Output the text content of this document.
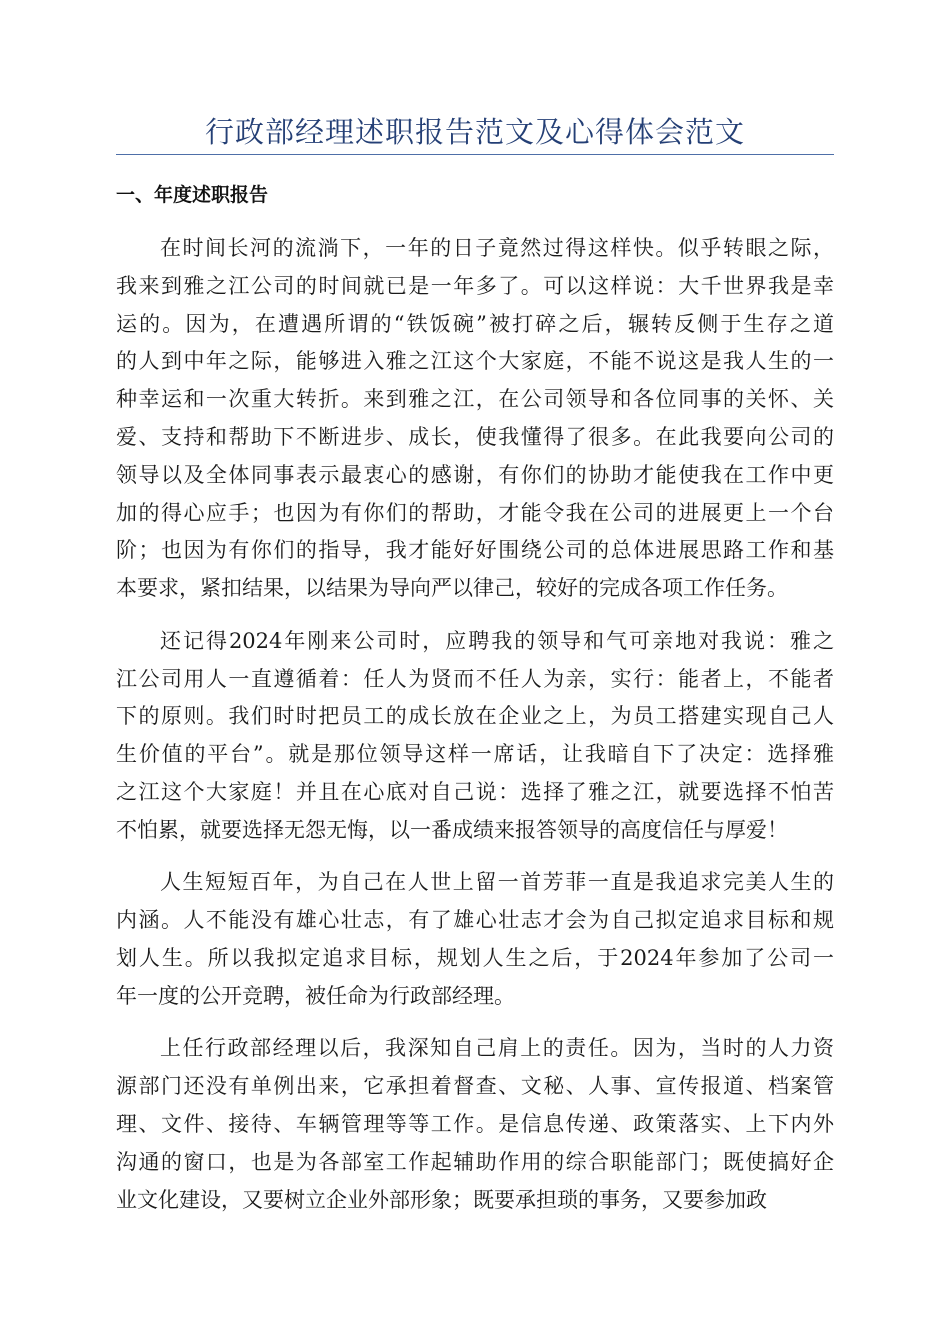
行政部经理述职报告范文及心得体会范文
一、年度述职报告
在时间长河的流淌下，一年的日子竟然过得这样快。似乎转眼之际，
我来到雅之江公司的时间就已是一年多了。可以这样说：大千世界我是幸
运的。因为，在遭遇所谓的“铁饭碗”被打碎之后，辗转反侧于生存之道
的人到中年之际，能够进入雅之江这个大家庭，不能不说这是我人生的一
种幸运和一次重大转折。来到雅之江，在公司领导和各位同事的关怀、关
爱、支持和帮助下不断进步、成长，使我懂得了很多。在此我要向公司的
领导以及全体同事表示最衷心的感谢，有你们的协助才能使我在工作中更
加的得心应手；也因为有你们的帮助，才能令我在公司的进展更上一个台
阶；也因为有你们的指导，我才能好好围绕公司的总体进展思路工作和基
本要求，紧扣结果，以结果为导向严以律己，较好的完成各项工作任务。
还记得2024年刚来公司时，应聘我的领导和气可亲地对我说：雅之
江公司用人一直遵循着：任人为贤而不任人为亲，实行：能者上，不能者
下的原则。我们时时把员工的成长放在企业之上，为员工搭建实现自己人
生价值的平台”。就是那位领导这样一席话，让我暗自下了决定：选择雅
之江这个大家庭！并且在心底对自己说：选择了雅之江，就要选择不怕苦
不怕累，就要选择无怨无悔，以一番成绩来报答领导的高度信任与厚爱！
人生短短百年，为自己在人世上留一首芳菲一直是我追求完美人生的
内涵。人不能没有雄心壮志，有了雄心壮志才会为自己拟定追求目标和规
划人生。所以我拟定追求目标，规划人生之后，于2024年参加了公司一
年一度的公开竞聘，被任命为行政部经理。
上任行政部经理以后，我深知自己肩上的责任。因为，当时的人力资
源部门还没有单例出来，它承担着督查、文秘、人事、宣传报道、档案管
理、文件、接待、车辆管理等等工作。是信息传递、政策落实、上下内外
沟通的窗口，也是为各部室工作起辅助作用的综合职能部门；既使搞好企
业文化建设，又要树立企业外部形象；既要承担琐的事务，又要参加政
